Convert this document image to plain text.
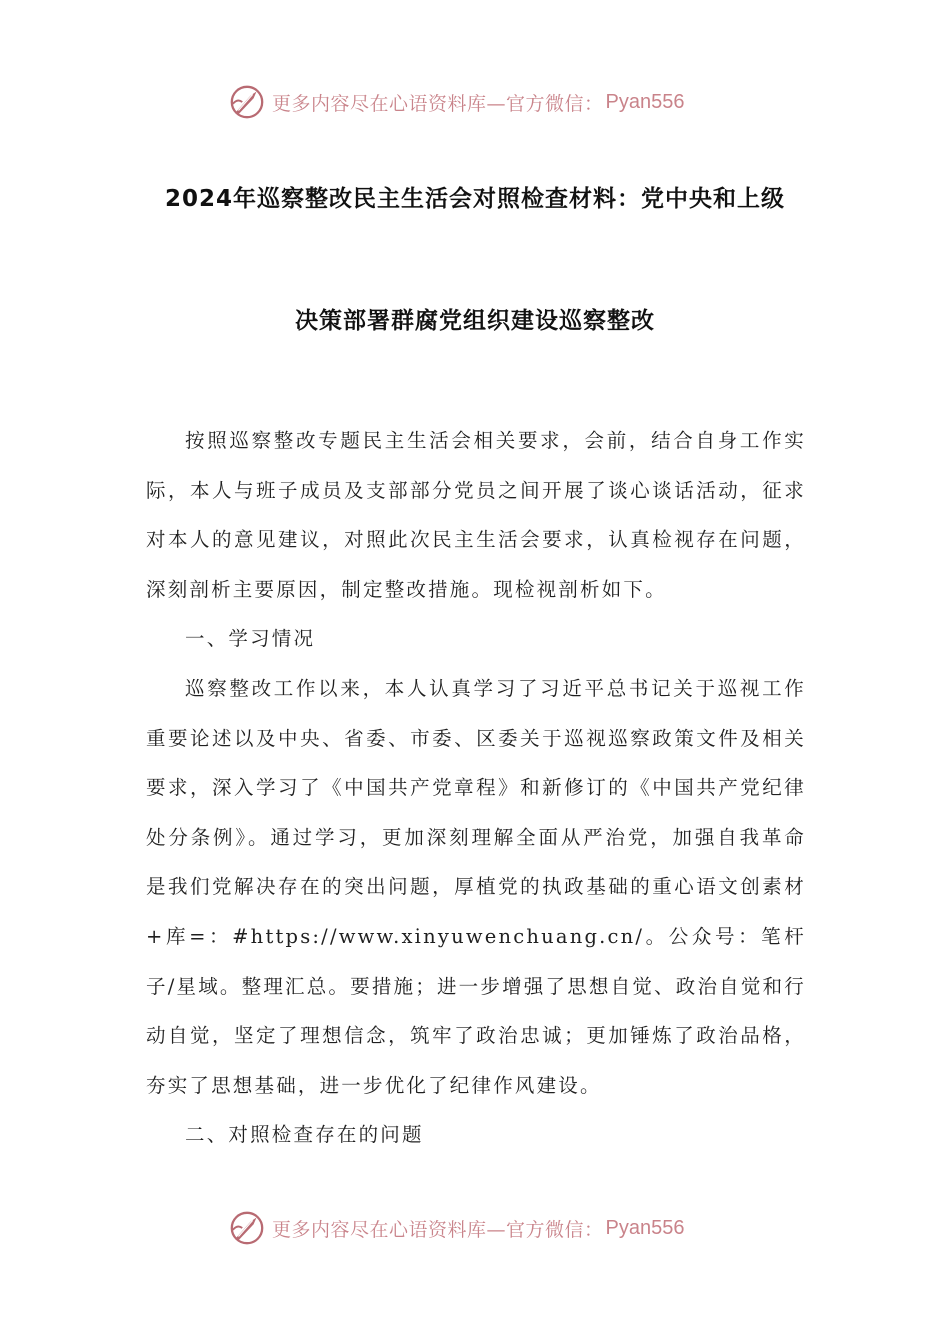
更多内容尽在心语资料库—官方微信： Pyan556
2024年巡察整改民主生活会对照检查材料：党中央和上级
决策部署群腐党组织建设巡察整改

按照巡察整改专题民主生活会相关要求，会前，结合自身工作实际，本人与班子成员及支部部分党员之间开展了谈心谈话活动，征求对本人的意见建议，对照此次民主生活会要求，认真检视存在问题，深刻剖析主要原因，制定整改措施。现检视剖析如下。

一、学习情况

巡察整改工作以来，本人认真学习了习近平总书记关于巡视工作重要论述以及中央、省委、市委、区委关于巡视巡察政策文件及相关要求，深入学习了《中国共产党章程》和新修订的《中国共产党纪律处分条例》。通过学习，更加深刻理解全面从严治党，加强自我革命是我们党解决存在的突出问题，厚植党的执政基础的重心语文创素材+库=：#https://www.xinyuwenchuang.cn/。公众号：笔杆子/星域。整理汇总。要措施；进一步增强了思想自觉、政治自觉和行动自觉，坚定了理想信念，筑牢了政治忠诚；更加锤炼了政治品格，夯实了思想基础，进一步优化了纪律作风建设。

二、对照检查存在的问题

更多内容尽在心语资料库—官方微信： Pyan556
